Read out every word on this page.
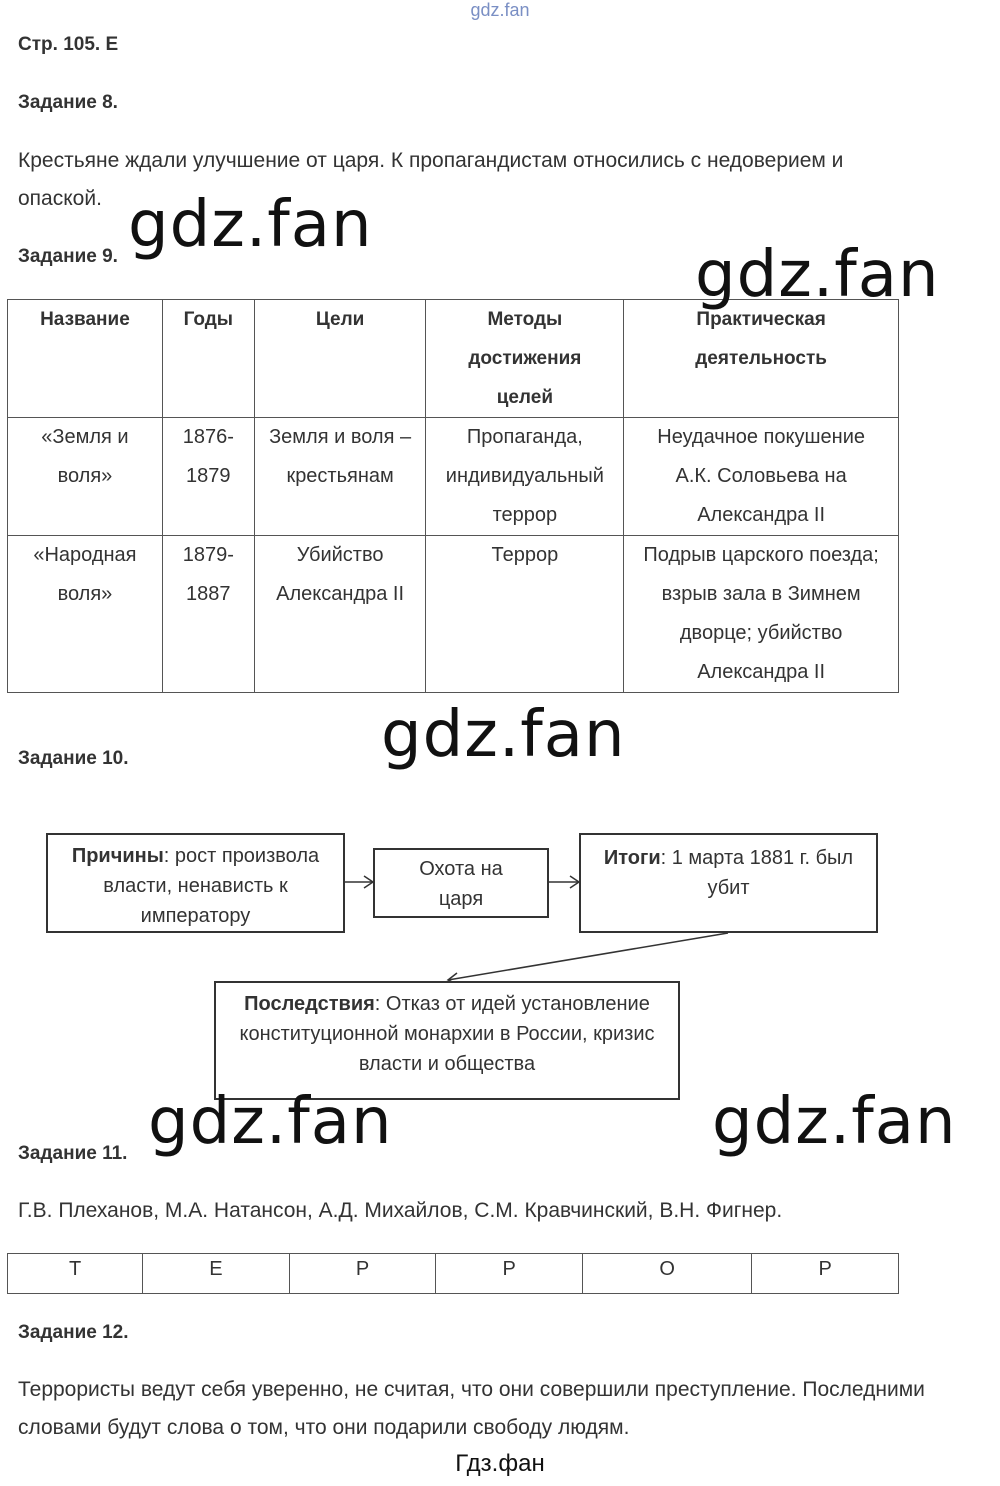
gdz.fan
Стр. 105. Е
Задание 8.
Крестьяне ждали улучшение от царя. К пропагандистам относились с недоверием и
опаской.
Задание 9.
Название	Годы	Цели	Методы достижения целей	Практическая деятельность
«Земля и воля»	1876-1879	Земля и воля – крестьянам	Пропаганда, индивидуальный террор	Неудачное покушение А.К. Соловьева на Александра II
«Народная воля»	1879-1887	Убийство Александра II	Террор	Подрыв царского поезда; взрыв зала в Зимнем дворце; убийство Александра II
Задание 10.
Причины: рост произвола власти, ненависть к императору
Охота на царя
Итоги: 1 марта 1881 г. был убит
Последствия: Отказ от идей установление конституционной монархии в России, кризис власти и общества
Задание 11.
Г.В. Плеханов, М.А. Натансон, А.Д. Михайлов, С.М. Кравчинский, В.Н. Фигнер.
Т	Е	Р	Р	О	Р
Задание 12.
Террористы ведут себя уверенно, не считая, что они совершили преступление. Последними
словами будут слова о том, что они подарили свободу людям.
gdz.fan
gdz.fan
gdz.fan
gdz.fan	gdz.fan
Гдз.фан
